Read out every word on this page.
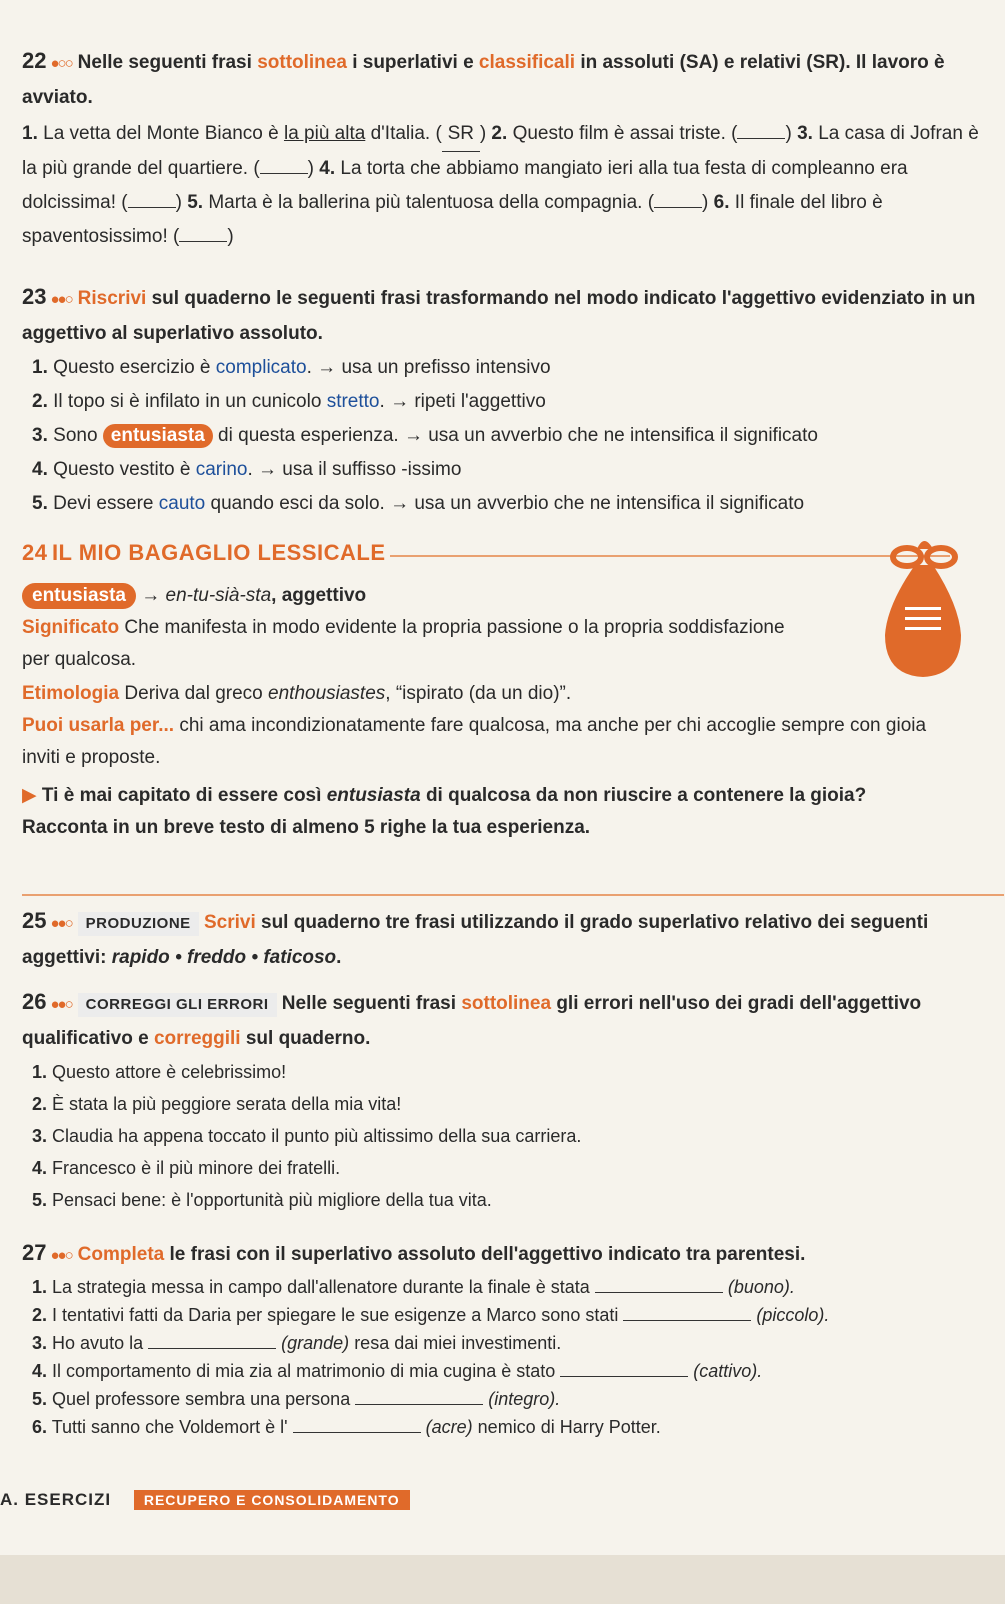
22 ●○○ Nelle seguenti frasi sottolinea i superlativi e classificali in assoluti (SA) e relativi (SR). Il lavoro è avviato.
1. La vetta del Monte Bianco è la più alta d'Italia. ( SR ) 2. Questo film è assai triste. (	) 3. La casa di Jofran è la più grande del quartiere. (	) 4. La torta che abbiamo mangiato ieri alla tua festa di compleanno era dolcissima! (	) 5. Marta è la ballerina più talentuosa della compagnia. (	) 6. Il finale del libro è spaventosissimo! (	)
23 ●●○ Riscrivi sul quaderno le seguenti frasi trasformando nel modo indicato l'aggettivo evidenziato in un aggettivo al superlativo assoluto.
1. Questo esercizio è complicato. → usa un prefisso intensivo
2. Il topo si è infilato in un cunicolo stretto. → ripeti l'aggettivo
3. Sono entusiasta di questa esperienza. → usa un avverbio che ne intensifica il significato
4. Questo vestito è carino. → usa il suffisso -issimo
5. Devi essere cauto quando esci da solo. → usa un avverbio che ne intensifica il significato
24 IL MIO BAGAGLIO LESSICALE
entusiasta → en-tu-sià-sta, aggettivo
Significato Che manifesta in modo evidente la propria passione o la propria soddisfazione per qualcosa.
Etimologia Deriva dal greco enthousiastes, “ispirato (da un dio)”.
Puoi usarla per... chi ama incondizionatamente fare qualcosa, ma anche per chi accoglie sempre con gioia inviti e proposte.
▶ Ti è mai capitato di essere così entusiasta di qualcosa da non riuscire a contenere la gioia? Racconta in un breve testo di almeno 5 righe la tua esperienza.
25 ●●○ PRODUZIONE Scrivi sul quaderno tre frasi utilizzando il grado superlativo relativo dei seguenti aggettivi: rapido • freddo • faticoso.
26 ●●○ CORREGGI GLI ERRORI Nelle seguenti frasi sottolinea gli errori nell'uso dei gradi dell'aggettivo qualificativo e correggili sul quaderno.
1. Questo attore è celebrissimo!
2. È stata la più peggiore serata della mia vita!
3. Claudia ha appena toccato il punto più altissimo della sua carriera.
4. Francesco è il più minore dei fratelli.
5. Pensaci bene: è l'opportunità più migliore della tua vita.
27 ●●○ Completa le frasi con il superlativo assoluto dell'aggettivo indicato tra parentesi.
1. La strategia messa in campo dall'allenatore durante la finale è stata	(buono).
2. I tentativi fatti da Daria per spiegare le sue esigenze a Marco sono stati	(piccolo).
3. Ho avuto la	(grande) resa dai miei investimenti.
4. Il comportamento di mia zia al matrimonio di mia cugina è stato	(cattivo).
5. Quel professore sembra una persona	(integro).
6. Tutti sanno che Voldemort è l'	(acre) nemico di Harry Potter.
A. ESERCIZI RECUPERO E CONSOLIDAMENTO
